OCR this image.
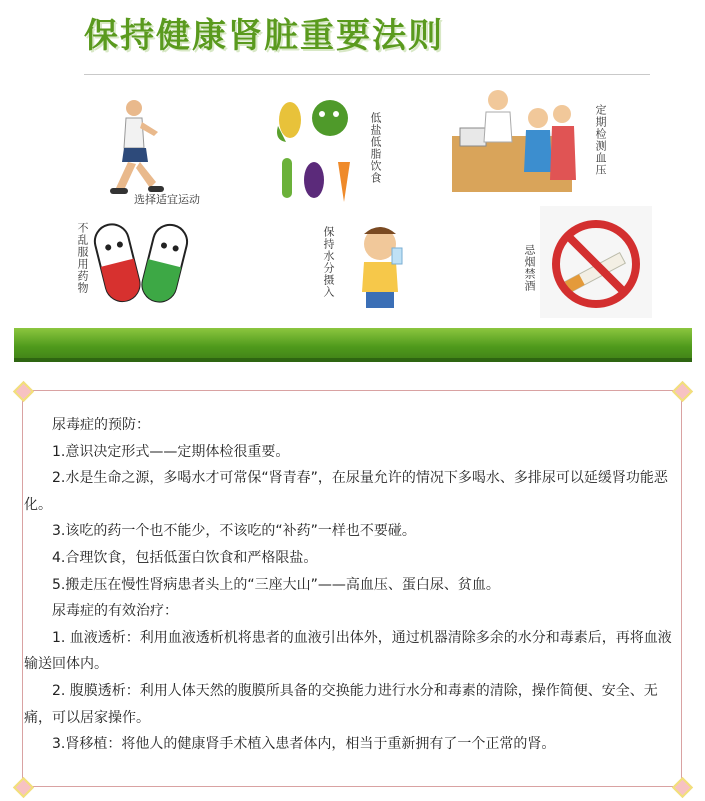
保持健康肾脏重要法则
选择适宜运动
低盐低脂饮食	定期检测血压
不乱服用药物	保持水分摄入	忌烟禁酒

尿毒症的预防：

1.意识决定形式——定期体检很重要。

2.水是生命之源，多喝水才可常保“肾青春”，在尿量允许的情况下多喝水、多排尿可以延缓肾功能恶化。

3.该吃的药一个也不能少，不该吃的“补药”一样也不要碰。

4.合理饮食，包括低蛋白饮食和严格限盐。

5.搬走压在慢性肾病患者头上的“三座大山”——高血压、蛋白尿、贫血。

尿毒症的有效治疗：

1. 血液透析：利用血液透析机将患者的血液引出体外，通过机器清除多余的水分和毒素后，再将血液输送回体内。

2. 腹膜透析：利用人体天然的腹膜所具备的交换能力进行水分和毒素的清除，操作简便、安全、无痛，可以居家操作。

3.肾移植：将他人的健康肾手术植入患者体内，相当于重新拥有了一个正常的肾。
